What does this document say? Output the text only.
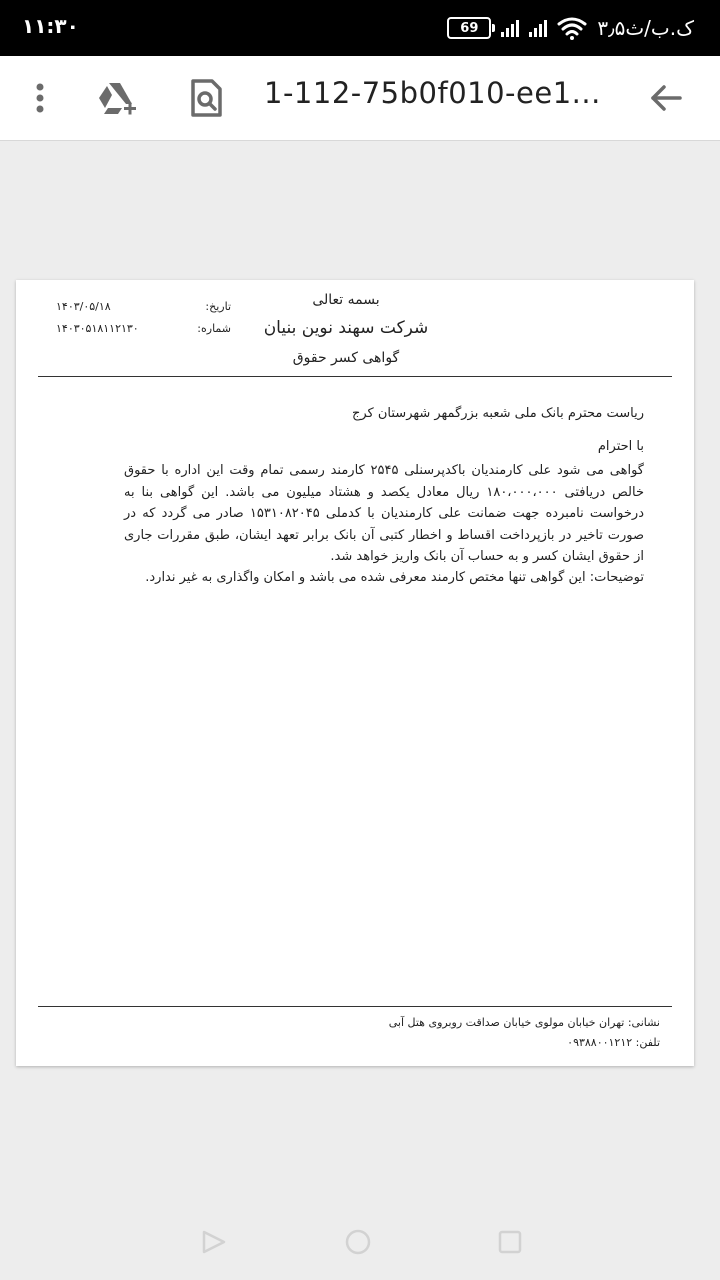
۱۱:۳۰	69	۳٫۵ک.ب/ث
1-112-75b0f010-ee1...
بسمه تعالی
شرکت سهند نوین بنیان
گواهی کسر حقوق
تاریخ:
۱۴۰۳/۰۵/۱۸
شماره:
۱۴۰۳۰۵۱۸۱۱۲۱۳۰
ریاست محترم بانک ملی شعبه بزرگمهر شهرستان کرج
با احترام
گواهی می شود علی کارمندیان باکدپرسنلی ۲۵۴۵ کارمند رسمی تمام وقت این اداره با حقوق خالص دریافتی ۱۸۰،۰۰۰،۰۰۰ ریال معادل یکصد و هشتاد میلیون می باشد. این گواهی بنا به درخواست نامبرده جهت ضمانت علی کارمندیان با کدملی ۱۵۳۱۰۸۲۰۴۵ صادر می گردد که در صورت تاخیر در بازپرداخت اقساط و اخطار کتبی آن بانک برابر تعهد ایشان، طبق مقررات جاری از حقوق ایشان کسر و به حساب آن بانک واریز خواهد شد.
توضیحات: این گواهی تنها مختص کارمند معرفی شده می باشد و امکان واگذاری به غیر ندارد.
نشانی: تهران خیابان مولوی خیابان صداقت روبروی هتل آبی
تلفن: ۰۹۳۸۸۰۰۱۲۱۲
